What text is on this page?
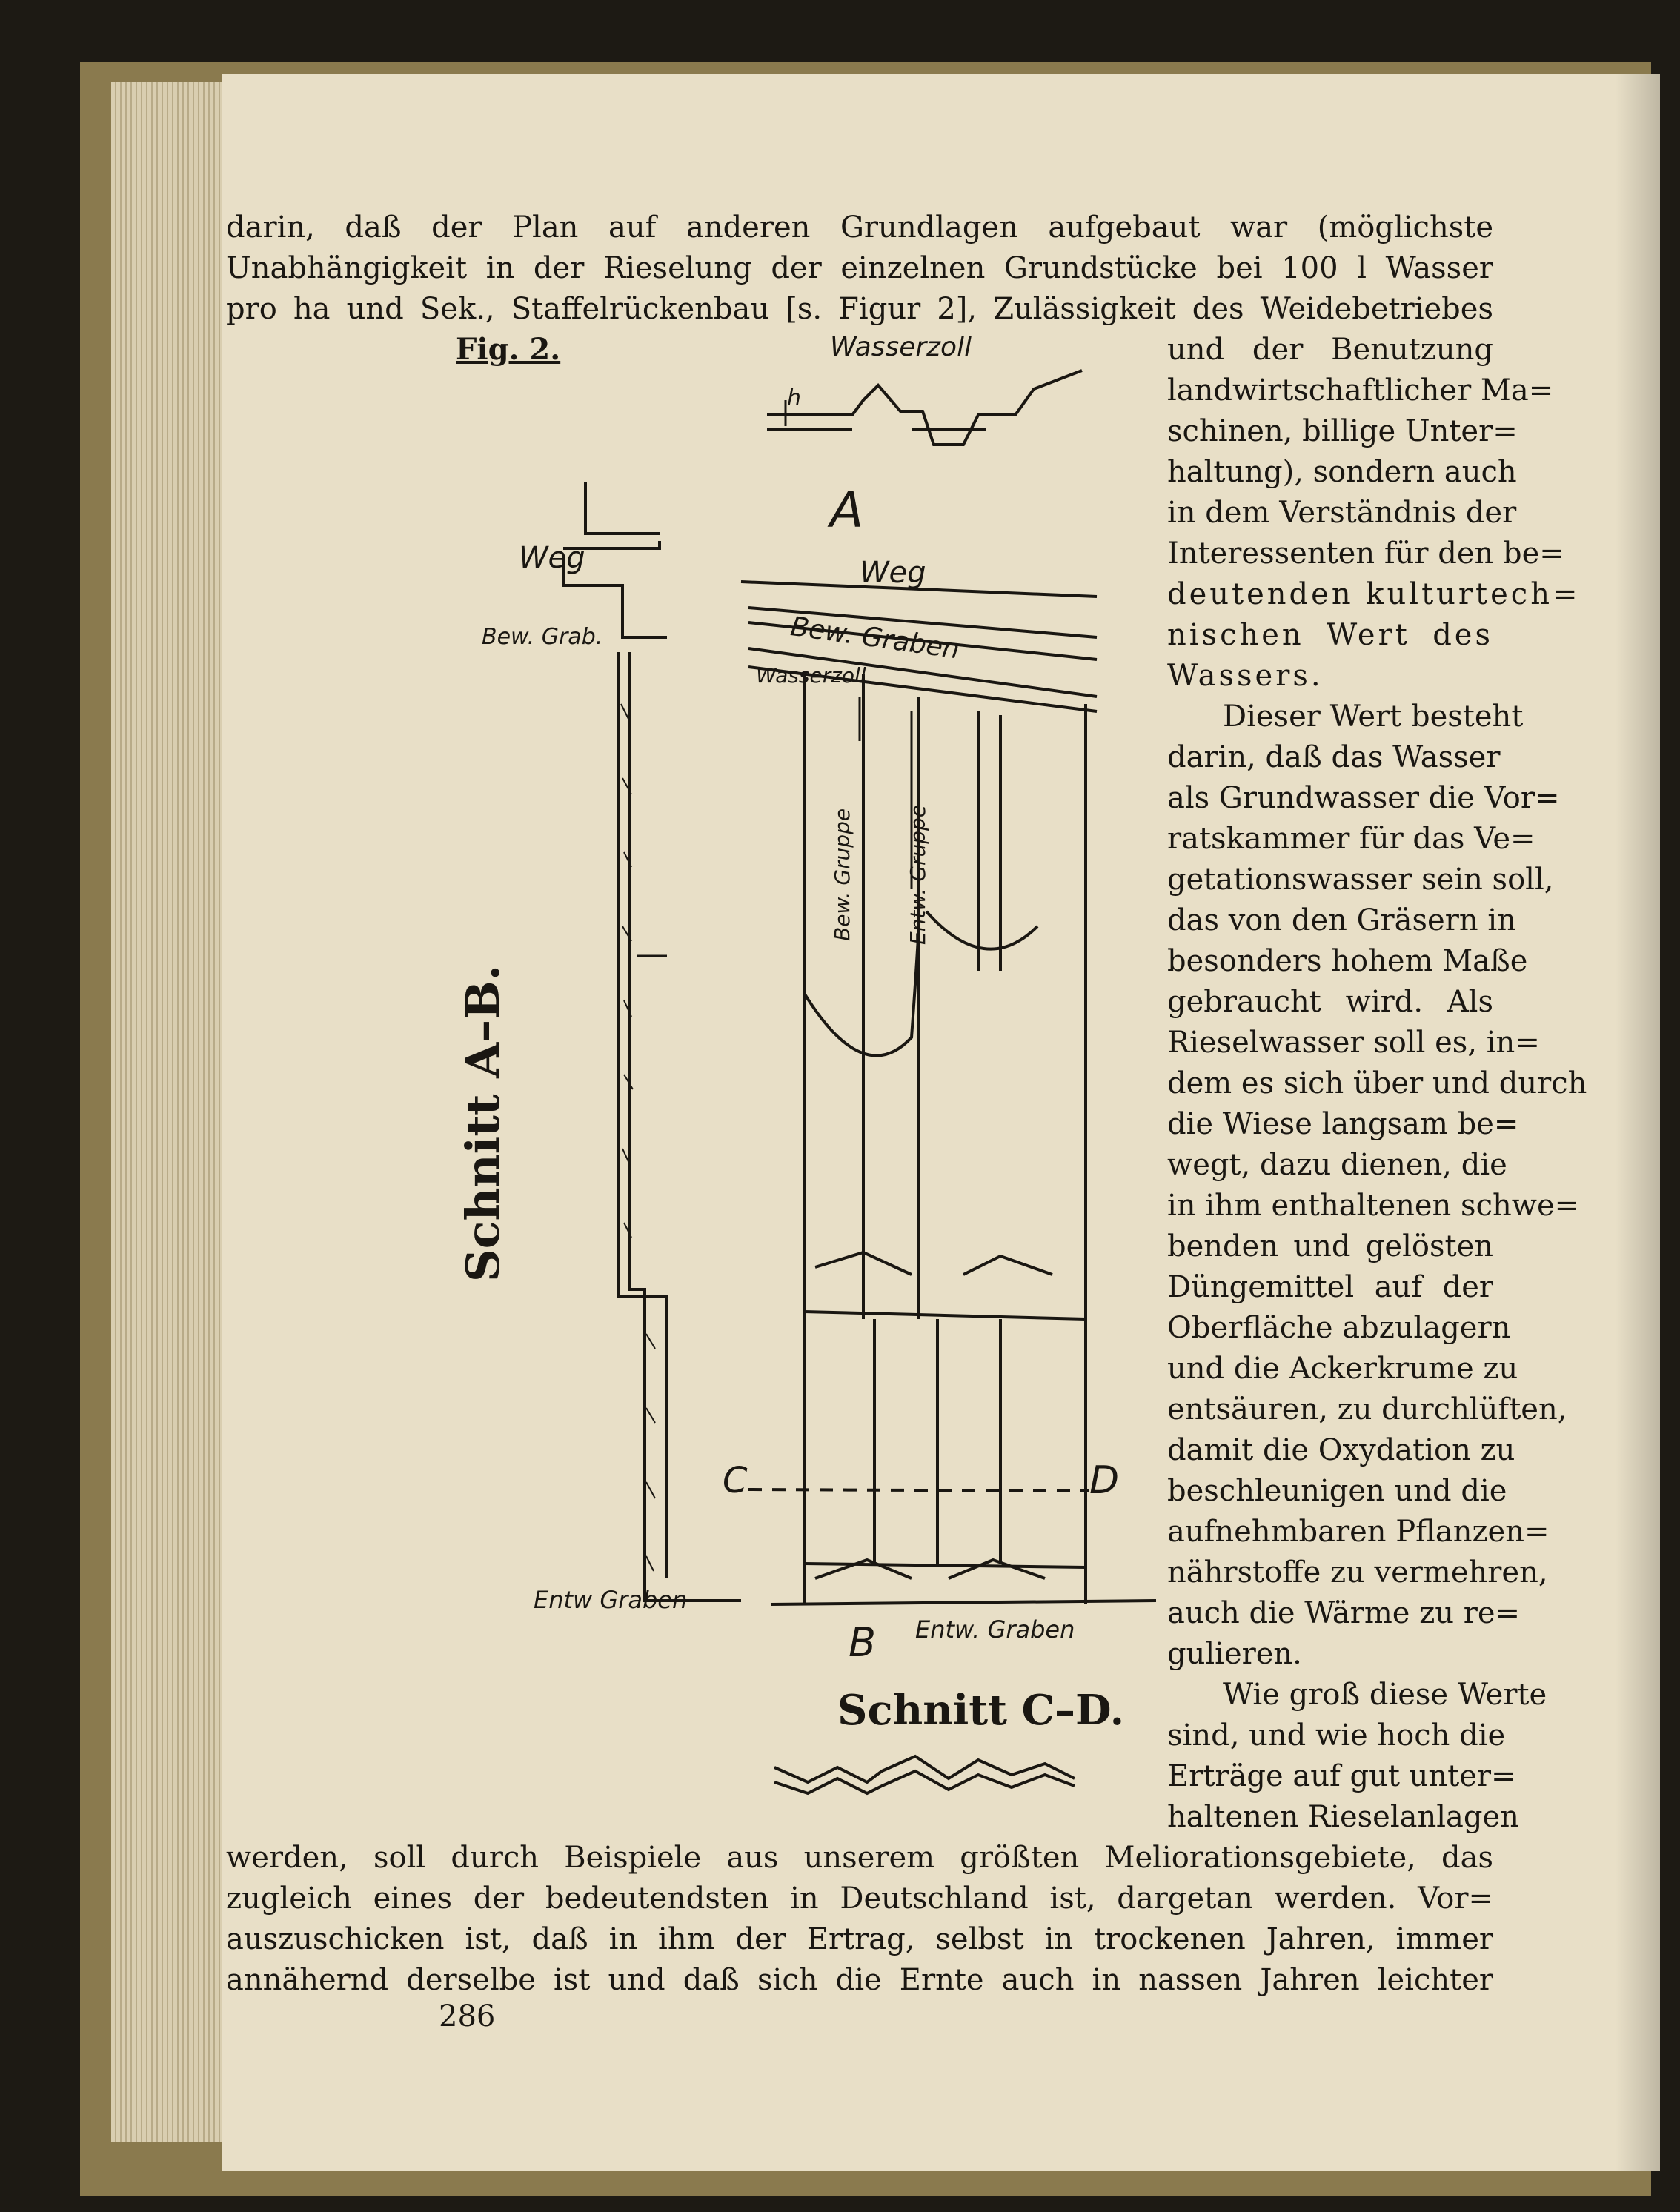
darin, daß der Plan auf anderen Grundlagen aufgebaut war (möglichste
Unabhängigkeit in der Rieselung der einzelnen Grundstücke bei 100 l Wasser
pro ha und Sek., Staffelrückenbau [s. Figur 2], Zulässigkeit des Weidebetriebes
und der Benutzung
landwirtschaftlicher Ma=
schinen, billige Unter=
haltung), sondern auch
in dem Verständnis der
Interessenten für den be=
deutenden kulturtech=
nischen Wert des
Wassers.
Dieser Wert besteht
darin, daß das Wasser
als Grundwasser die Vor=
ratskammer für das Ve=
getationswasser sein soll,
das von den Gräsern in
besonders hohem Maße
gebraucht wird. Als
Rieselwasser soll es, in=
dem es sich über und durch
die Wiese langsam be=
wegt, dazu dienen, die
in ihm enthaltenen schwe=
benden und gelösten
Düngemittel auf der
Oberfläche abzulagern
und die Ackerkrume zu
entsäuren, zu durchlüften,
damit die Oxydation zu
beschleunigen und die
aufnehmbaren Pflanzen=
nährstoffe zu vermehren,
auch die Wärme zu re=
gulieren.
Wie groß diese Werte
sind, und wie hoch die
Erträge auf gut unter=
haltenen Rieselanlagen
werden, soll durch Beispiele aus unserem größten Meliorationsgebiete, das
zugleich eines der bedeutendsten in Deutschland ist, dargetan werden. Vor=
auszuschicken ist, daß in ihm der Ertrag, selbst in trockenen Jahren, immer
annähernd derselbe ist und daß sich die Ernte auch in nassen Jahren leichter
Fig. 2.	Wasserzoll
h
Weg
Bew. Grab.
Schnitt A–B.
A
Weg
Bew. Graben
Wasserzoll
Bew. Gruppe Entw. Gruppe
C	D
Entw Graben
B Entw. Graben
Schnitt C–D.
286
